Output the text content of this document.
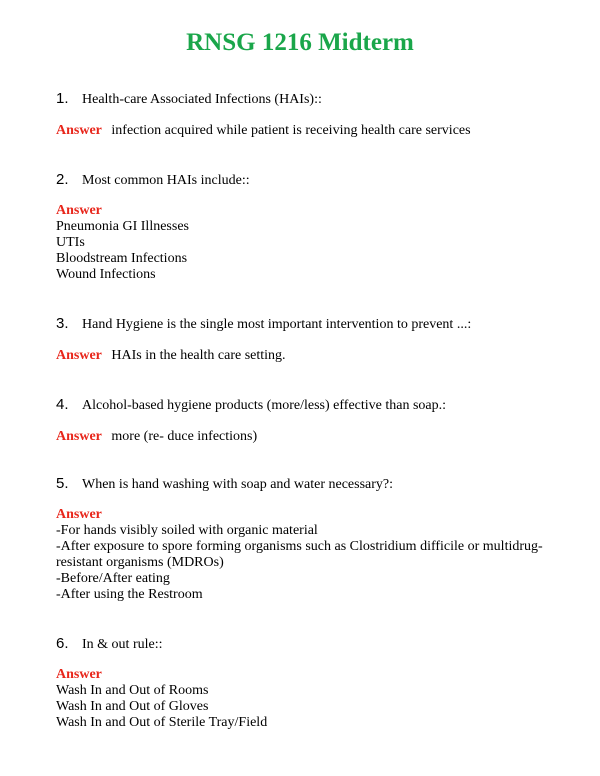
RNSG 1216 Midterm
1. Health-care Associated Infections (HAIs)::
Answer infection acquired while patient is receiving health care services
2. Most common HAIs include::
Answer
Pneumonia GI Illnesses
UTIs
Bloodstream Infections
Wound Infections
3. Hand Hygiene is the single most important intervention to prevent ...:
Answer HAIs in the health care setting.
4. Alcohol-based hygiene products (more/less) effective than soap.:
Answer more (re- duce infections)
5. When is hand washing with soap and water necessary?:
Answer
-For hands visibly soiled with organic material
-After exposure to spore forming organisms such as Clostridium difficile or multidrug-
resistant organisms (MDROs)
-Before/After eating
-After using the Restroom
6. In & out rule::
Answer
Wash In and Out of Rooms
Wash In and Out of Gloves
Wash In and Out of Sterile Tray/Field
